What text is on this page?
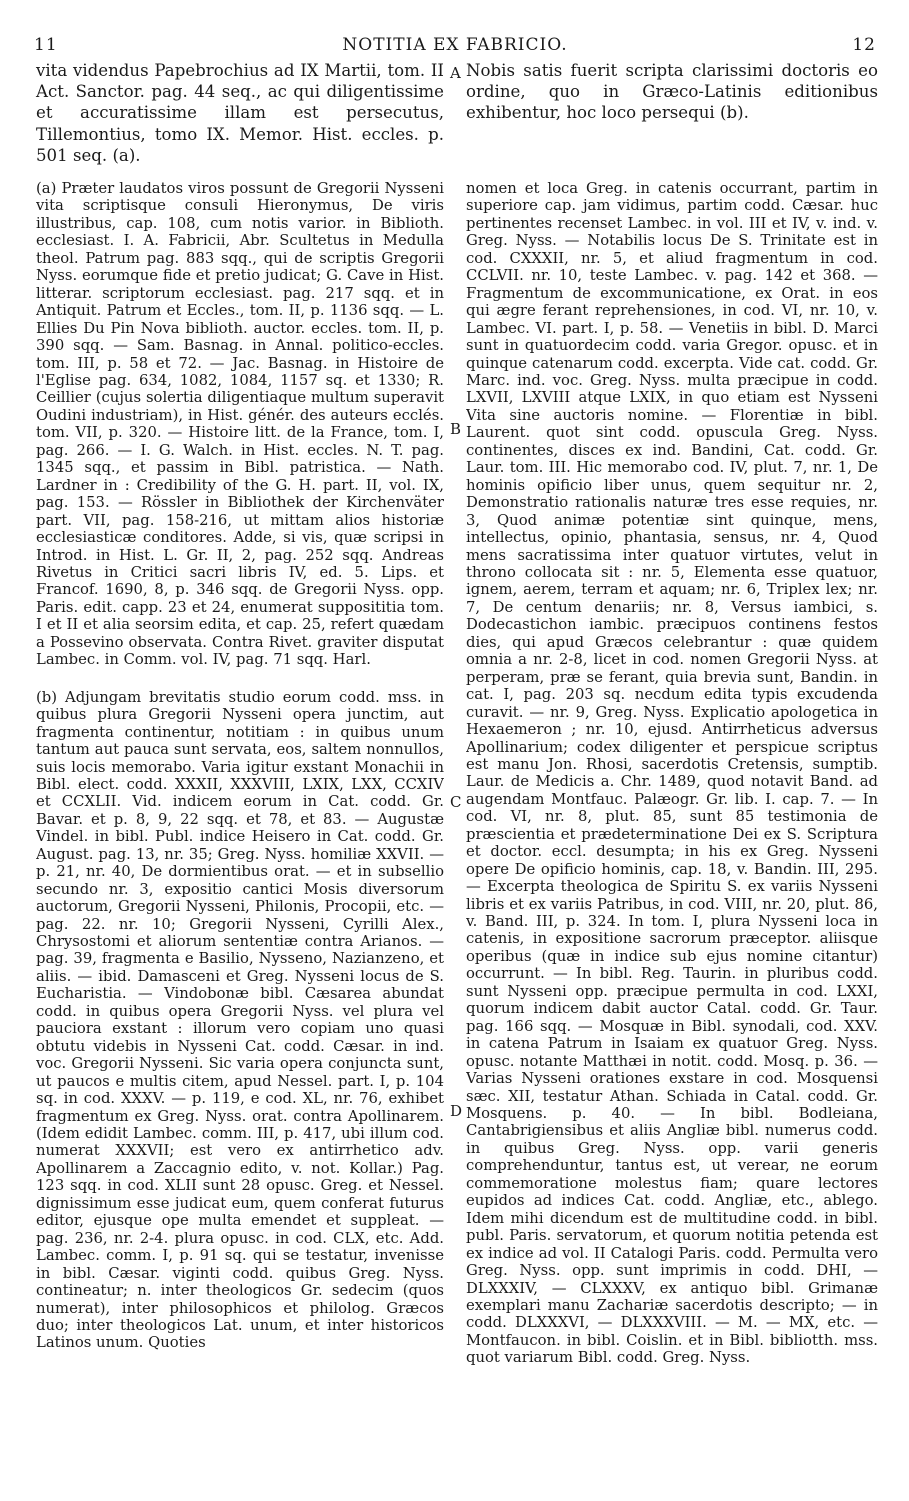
11	NOTITIA EX FABRICIO.	12

vita videndus Papebrochius ad IX Martii, tom. II Act. Sanctor. pag. 44 seq., ac qui diligentissime et accuratissime illam est persecutus, Tillemontius, tomo IX. Memor. Hist. eccles. p. 501 seq. (a).

Nobis satis fuerit scripta clarissimi doctoris eo ordine, quo in Græco-Latinis editionibus exhibentur, hoc loco persequi (b).

A
B
C
D

(a) Præter laudatos viros possunt de Gregorii Nysseni vita scriptisque consuli Hieronymus, De viris illustribus, cap. 108, cum notis varior. in Biblioth. ecclesiast. I. A. Fabricii, Abr. Scultetus in Medulla theol. Patrum pag. 883 sqq., qui de scriptis Gregorii Nyss. eorumque fide et pretio judicat; G. Cave in Hist. litterar. scriptorum ecclesiast. pag. 217 sqq. et in Antiquit. Patrum et Eccles., tom. II, p. 1136 sqq. — L. Ellies Du Pin Nova biblioth. auctor. eccles. tom. II, p. 390 sqq. — Sam. Basnag. in Annal. politico-eccles. tom. III, p. 58 et 72. — Jac. Basnag. in Histoire de l'Eglise pag. 634, 1082, 1084, 1157 sq. et 1330; R. Ceillier (cujus solertia diligentiaque multum superavit Oudini industriam), in Hist. génér. des auteurs ecclés. tom. VII, p. 320. — Histoire litt. de la France, tom. I, pag. 266. — I. G. Walch. in Hist. eccles. N. T. pag. 1345 sqq., et passim in Bibl. patristica. — Nath. Lardner in : Credibility of the G. H. part. II, vol. IX, pag. 153. — Rössler in Bibliothek der Kirchenväter part. VII, pag. 158-216, ut mittam alios historiæ ecclesiasticæ conditores. Adde, si vis, quæ scripsi in Introd. in Hist. L. Gr. II, 2, pag. 252 sqq. Andreas Rivetus in Critici sacri libris IV, ed. 5. Lips. et Francof. 1690, 8, p. 346 sqq. de Gregorii Nyss. opp. Paris. edit. capp. 23 et 24, enumerat supposititia tom. I et II et alia seorsim edita, et cap. 25, refert quædam a Possevino observata. Contra Rivet. graviter disputat Lambec. in Comm. vol. IV, pag. 71 sqq. Harl.

(b) Adjungam brevitatis studio eorum codd. mss. in quibus plura Gregorii Nysseni opera junctim, aut fragmenta continentur, notitiam : in quibus unum tantum aut pauca sunt servata, eos, saltem nonnullos, suis locis memorabo. Varia igitur exstant Monachii in Bibl. elect. codd. XXXII, XXXVIII, LXIX, LXX, CCXIV et CCXLII. Vid. indicem eorum in Cat. codd. Gr. Bavar. et p. 8, 9, 22 sqq. et 78, et 83. — Augustæ Vindel. in bibl. Publ. indice Heisero in Cat. codd. Gr. August. pag. 13, nr. 35; Greg. Nyss. homiliæ XXVII. — p. 21, nr. 40, De dormientibus orat. — et in subsellio secundo nr. 3, expositio cantici Mosis diversorum auctorum, Gregorii Nysseni, Philonis, Procopii, etc. — pag. 22. nr. 10; Gregorii Nysseni, Cyrilli Alex., Chrysostomi et aliorum sententiæ contra Arianos. — pag. 39, fragmenta e Basilio, Nysseno, Nazianzeno, et aliis. — ibid. Damasceni et Greg. Nysseni locus de S. Eucharistia. — Vindobonæ bibl. Cæsarea abundat codd. in quibus opera Gregorii Nyss. vel plura vel pauciora exstant : illorum vero copiam uno quasi obtutu videbis in Nysseni Cat. codd. Cæsar. in ind. voc. Gregorii Nysseni. Sic varia opera conjuncta sunt, ut paucos e multis citem, apud Nessel. part. I, p. 104 sq. in cod. XXXV. — p. 119, e cod. XL, nr. 76, exhibet fragmentum ex Greg. Nyss. orat. contra Apollinarem. (Idem edidit Lambec. comm. III, p. 417, ubi illum cod. numerat XXXVII; est vero ex antirrhetico adv. Apollinarem a Zaccagnio edito, v. not. Kollar.) Pag. 123 sqq. in cod. XLII sunt 28 opusc. Greg. et Nessel. dignissimum esse judicat eum, quem conferat futurus editor, ejusque ope multa emendet et suppleat. — pag. 236, nr. 2-4. plura opusc. in cod. CLX, etc. Add. Lambec. comm. I, p. 91 sq. qui se testatur, invenisse in bibl. Cæsar. viginti codd. quibus Greg. Nyss. contineatur; n. inter theologicos Gr. sedecim (quos numerat), inter philosophicos et philolog. Græcos duo; inter theologicos Lat. unum, et inter historicos Latinos unum. Quoties

nomen et loca Greg. in catenis occurrant, partim in superiore cap. jam vidimus, partim codd. Cæsar. huc pertinentes recenset Lambec. in vol. III et IV, v. ind. v. Greg. Nyss. — Notabilis locus De S. Trinitate est in cod. CXXXII, nr. 5, et aliud fragmentum in cod. CCLVII. nr. 10, teste Lambec. v. pag. 142 et 368. — Fragmentum de excommunicatione, ex Orat. in eos qui ægre ferant reprehensiones, in cod. VI, nr. 10, v. Lambec. VI. part. I, p. 58. — Venetiis in bibl. D. Marci sunt in quatuordecim codd. varia Gregor. opusc. et in quinque catenarum codd. excerpta. Vide cat. codd. Gr. Marc. ind. voc. Greg. Nyss. multa præcipue in codd. LXVII, LXVIII atque LXIX, in quo etiam est Nysseni Vita sine auctoris nomine. — Florentiæ in bibl. Laurent. quot sint codd. opuscula Greg. Nyss. continentes, disces ex ind. Bandini, Cat. codd. Gr. Laur. tom. III. Hic memorabo cod. IV, plut. 7, nr. 1, De hominis opificio liber unus, quem sequitur nr. 2, Demonstratio rationalis naturæ tres esse requies, nr. 3, Quod animæ potentiæ sint quinque, mens, intellectus, opinio, phantasia, sensus, nr. 4, Quod mens sacratissima inter quatuor virtutes, velut in throno collocata sit : nr. 5, Elementa esse quatuor, ignem, aerem, terram et aquam; nr. 6, Triplex lex; nr. 7, De centum denariis; nr. 8, Versus iambici, s. Dodecastichon iambic. præcipuos continens festos dies, qui apud Græcos celebrantur : quæ quidem omnia a nr. 2-8, licet in cod. nomen Gregorii Nyss. at perperam, præ se ferant, quia brevia sunt, Bandin. in cat. I, pag. 203 sq. necdum edita typis excudenda curavit. — nr. 9, Greg. Nyss. Explicatio apologetica in Hexaemeron ; nr. 10, ejusd. Antirrheticus adversus Apollinarium; codex diligenter et perspicue scriptus est manu Jon. Rhosi, sacerdotis Cretensis, sumptib. Laur. de Medicis a. Chr. 1489, quod notavit Band. ad augendam Montfauc. Palæogr. Gr. lib. I. cap. 7. — In cod. VI, nr. 8, plut. 85, sunt 85 testimonia de præscientia et prædeterminatione Dei ex S. Scriptura et doctor. eccl. desumpta; in his ex Greg. Nysseni opere De opificio hominis, cap. 18, v. Bandin. III, 295. — Excerpta theologica de Spiritu S. ex variis Nysseni libris et ex variis Patribus, in cod. VIII, nr. 20, plut. 86, v. Band. III, p. 324. In tom. I, plura Nysseni loca in catenis, in expositione sacrorum præceptor. aliisque operibus (quæ in indice sub ejus nomine citantur) occurrunt. — In bibl. Reg. Taurin. in pluribus codd. sunt Nysseni opp. præcipue permulta in cod. LXXI, quorum indicem dabit auctor Catal. codd. Gr. Taur. pag. 166 sqq. — Mosquæ in Bibl. synodali, cod. XXV. in catena Patrum in Isaiam ex quatuor Greg. Nyss. opusc. notante Matthæi in notit. codd. Mosq. p. 36. — Varias Nysseni orationes exstare in cod. Mosquensi sæc. XII, testatur Athan. Schiada in Catal. codd. Gr. Mosquens. p. 40. — In bibl. Bodleiana, Cantabrigiensibus et aliis Angliæ bibl. numerus codd. in quibus Greg. Nyss. opp. varii generis comprehenduntur, tantus est, ut verear, ne eorum commemoratione molestus fiam; quare lectores eupidos ad indices Cat. codd. Angliæ, etc., ablego. Idem mihi dicendum est de multitudine codd. in bibl. publ. Paris. servatorum, et quorum notitia petenda est ex indice ad vol. II Catalogi Paris. codd. Permulta vero Greg. Nyss. opp. sunt imprimis in codd. DHI, — DLXXXIV, — CLXXXV, ex antiquo bibl. Grimanæ exemplari manu Zachariæ sacerdotis descripto; — in codd. DLXXXVI, — DLXXXVIII. — M. — MX, etc. — Montfaucon. in bibl. Coislin. et in Bibl. bibliotth. mss. quot variarum Bibl. codd. Greg. Nyss.
